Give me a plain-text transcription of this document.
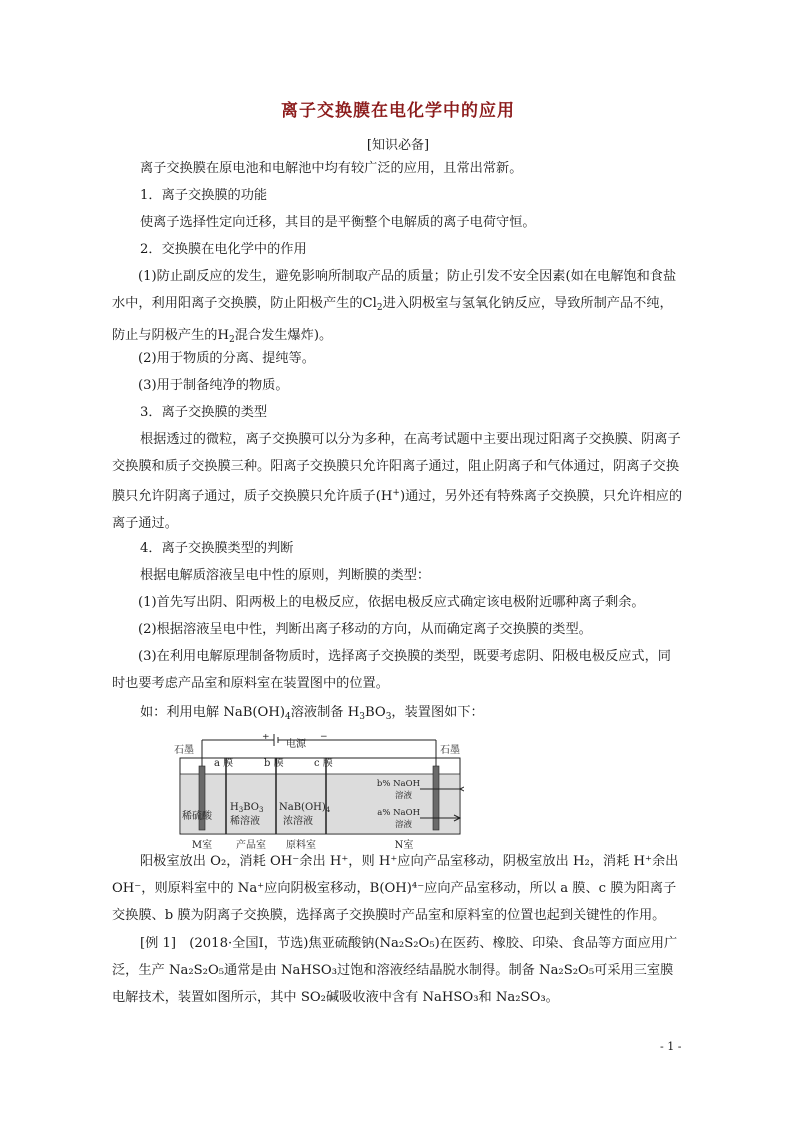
离子交换膜在电化学中的应用
[知识必备]

离子交换膜在原电池和电解池中均有较广泛的应用，且常出常新。

1．离子交换膜的功能

使离子选择性定向迁移，其目的是平衡整个电解质的离子电荷守恒。

2．交换膜在电化学中的作用

(1)防止副反应的发生，避免影响所制取产品的质量；防止引发不安全因素(如在电解饱和食盐水中，利用阳离子交换膜，防止阳极产生的$Cl_2$进入阴极室与氢氧化钠反应，导致所制产品不纯，防止与阴极产生的$H_2$混合发生爆炸)。

(2)用于物质的分离、提纯等。

(3)用于制备纯净的物质。

3．离子交换膜的类型

根据透过的微粒，离子交换膜可以分为多种，在高考试题中主要出现过阳离子交换膜、阴离子交换膜和质子交换膜三种。阳离子交换膜只允许阳离子通过，阻止阴离子和气体通过，阴离子交换膜只允许阴离子通过，质子交换膜只允许质子(H+)通过，另外还有特殊离子交换膜，只允许相应的离子通过。

4．离子交换膜类型的判断

根据电解质溶液呈电中性的原则，判断膜的类型：

(1)首先写出阴、阳两极上的电极反应，依据电极反应式确定该电极附近哪种离子剩余。

(2)根据溶液呈电中性，判断出离子移动的方向，从而确定离子交换膜的类型。

(3)在利用电解原理制备物质时，选择离子交换膜的类型，既要考虑阴、阳极电极反应式，同时也要考虑产品室和原料室在装置图中的位置。

如：利用电解 $NaB(OH)_4$溶液制备 $H_3BO_3$，装置图如下：

阳极室放出 O₂，消耗 OH⁻余出 H⁺，则 H⁺应向产品室移动，阴极室放出 H₂，消耗 H⁺余出 OH⁻，则原料室中的 Na⁺应向阴极室移动，B(OH)⁴⁻应向产品室移动，所以 a 膜、c 膜为阳离子交换膜、b 膜为阴离子交换膜，选择离子交换膜时产品室和原料室的位置也起到关键性的作用。

[例 1]　(2018·全国Ⅰ，节选)焦亚硫酸钠(Na₂S₂O₅)在医药、橡胶、印染、食品等方面应用广泛，生产 Na₂S₂O₅通常是由 NaHSO₃过饱和溶液经结晶脱水制得。制备 Na₂S₂O₅可采用三室膜电解技术，装置如图所示，其中 SO₂碱吸收液中含有 NaHSO₃和 Na₂SO₃。

+
电源
−
石墨	石墨
a 膜	b 膜	c 膜
稀硫酸
$H_3BO_3$
稀溶液
$NaB(OH)_4$
浓溶液
b% NaOH
溶液
a% NaOH
溶液
M室 产品室 原料室	N室
- 1 -
